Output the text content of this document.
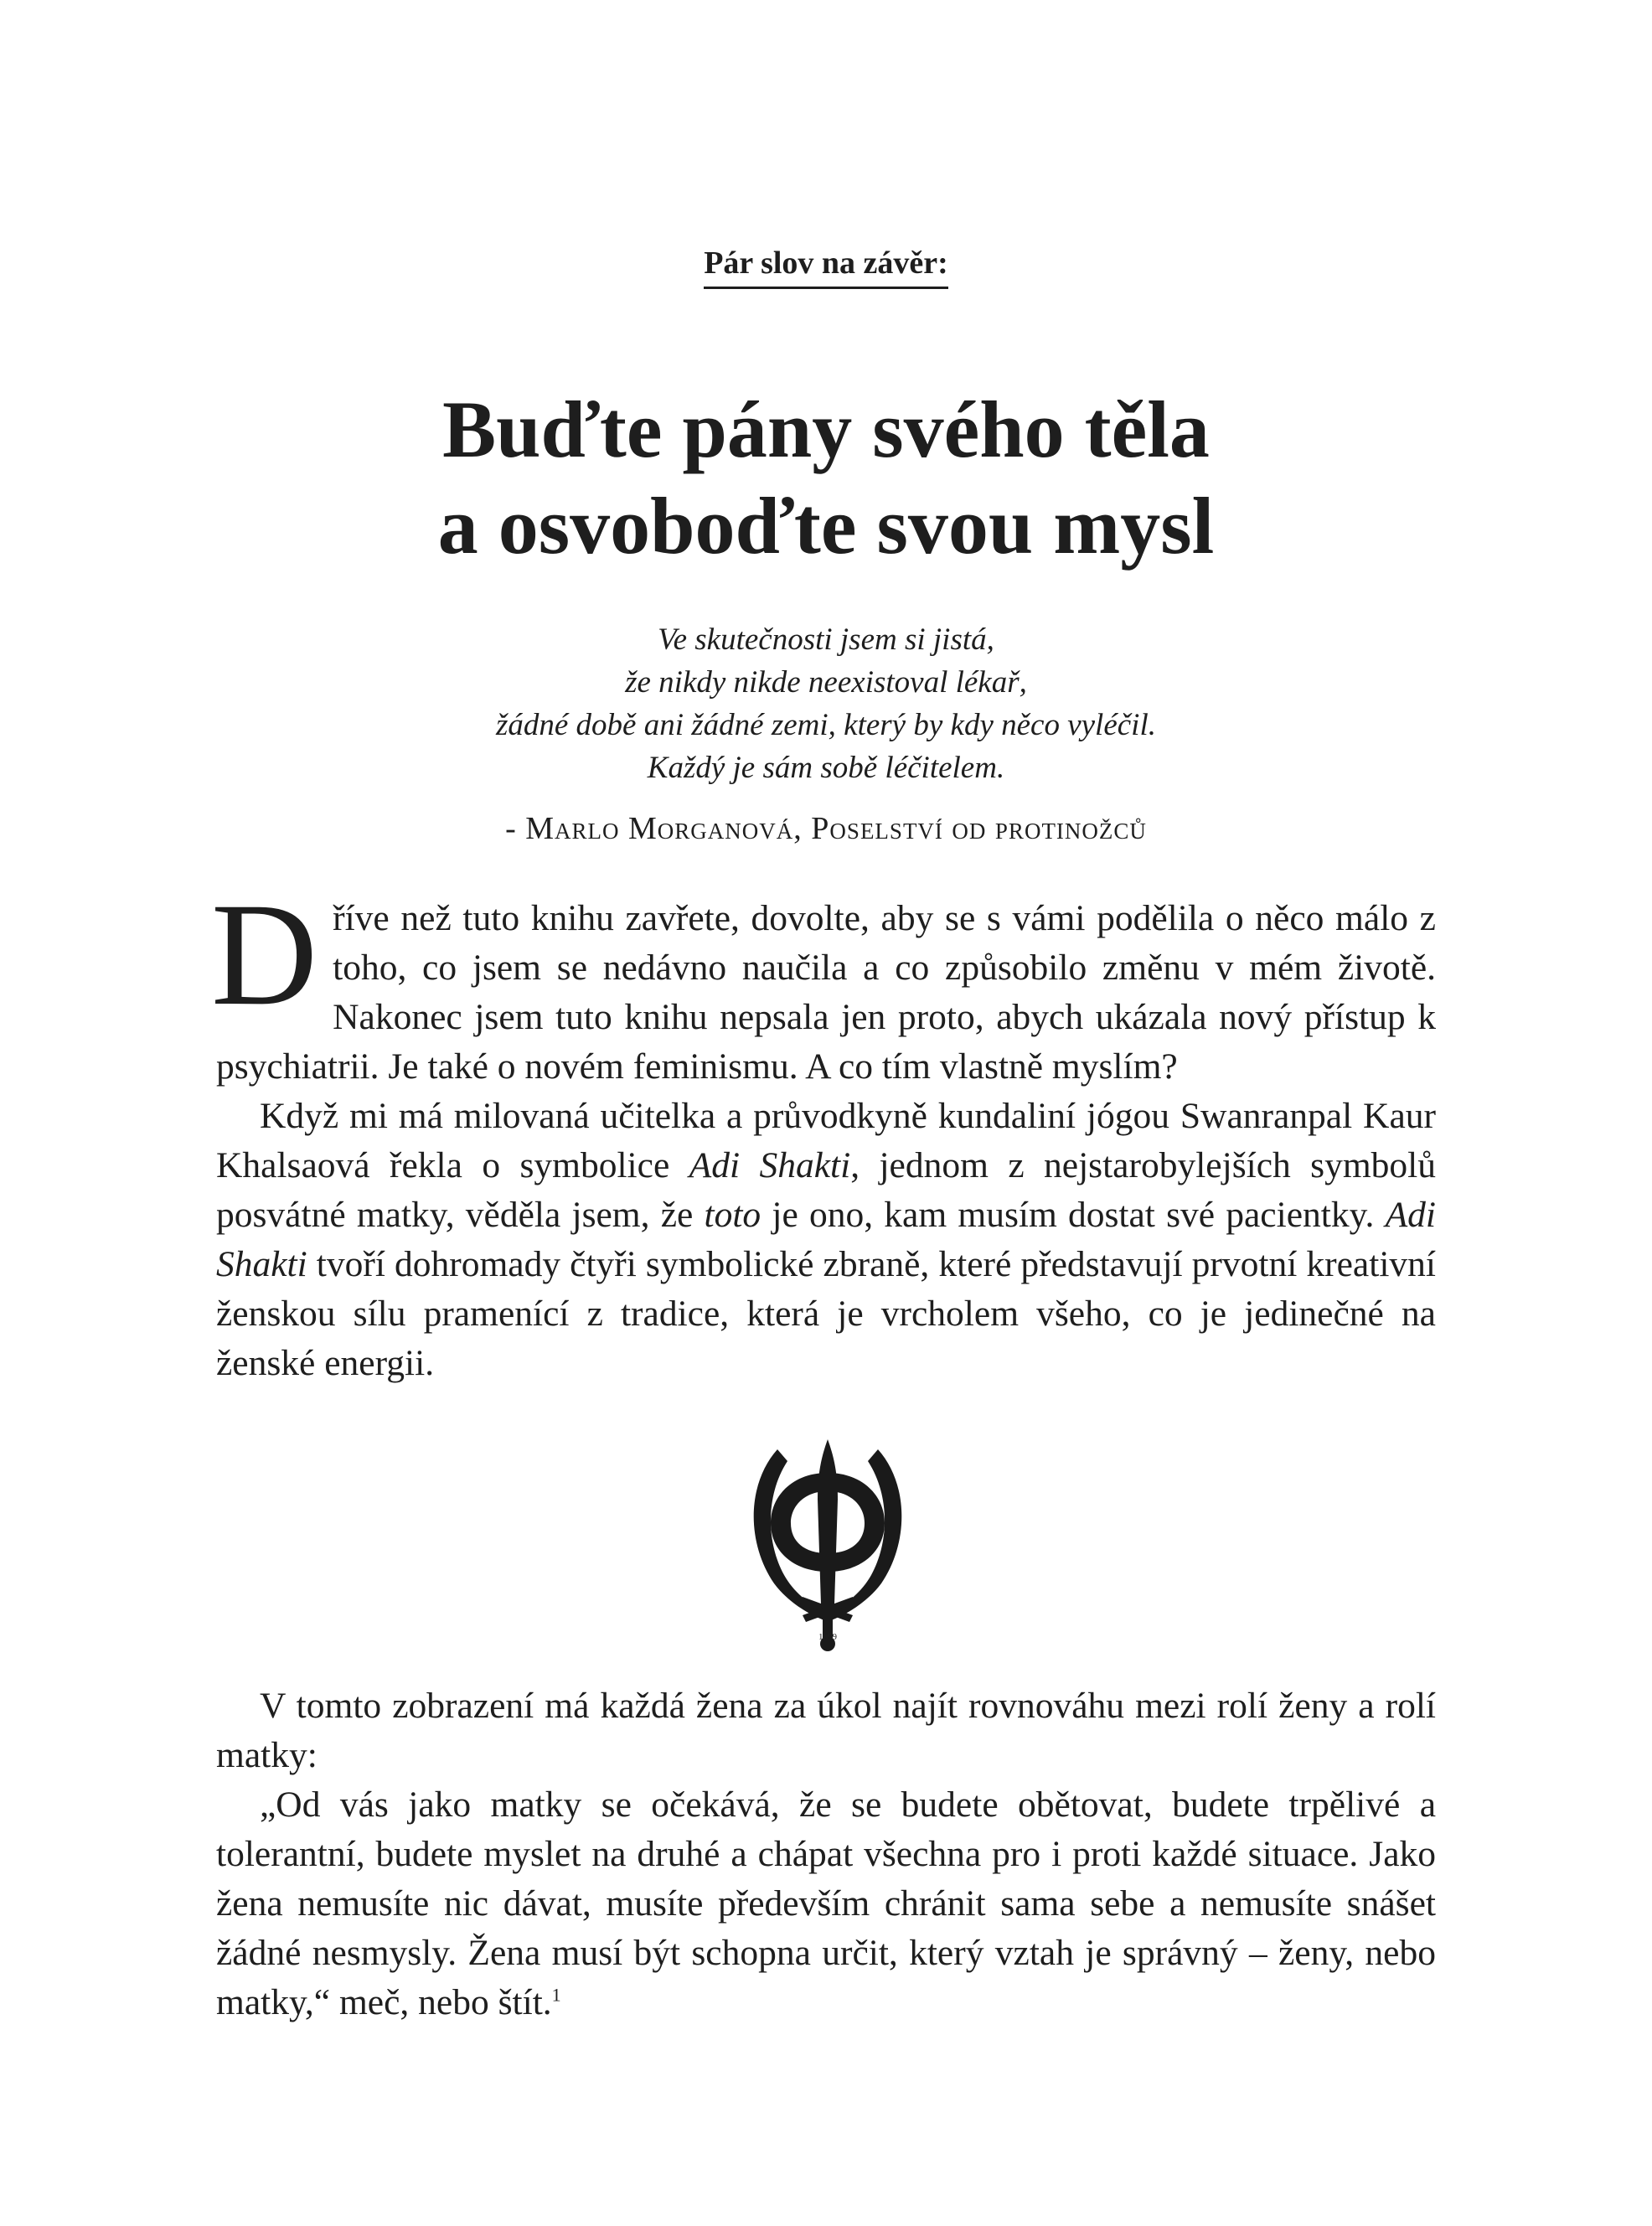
Pár slov na závěr:
Buďte pány svého těla
a osvoboďte svou mysl
Ve skutečnosti jsem si jistá,
že nikdy nikde neexistoval lékař,
žádné době ani žádné zemi, který by kdy něco vyléčil.
Každý je sám sobě léčitelem.
- Marlo Morganová, Poselství od protinožců

Dříve než tuto knihu zavřete, dovolte, aby se s vámi podělila o něco málo z toho, co jsem se nedávno naučila a co způsobilo změnu v mém životě. Nakonec jsem tuto knihu nepsala jen proto, abych ukázala nový přístup k psychiatrii. Je také o novém feminismu. A co tím vlastně myslím?

Když mi má milovaná učitelka a průvodkyně kundaliní jógou Swanranpal Kaur Khalsaová řekla o symbolice Adi Shakti, jednom z nejstarobylejších symbolů posvátné matky, věděla jsem, že toto je ono, kam musím dostat své pacientky. Adi Shakti tvoří dohromady čtyři symbolické zbraně, které představují prvotní kreativní ženskou sílu pramenící z tradice, která je vrcholem všeho, co je jedinečné na ženské energii.

1699

V tomto zobrazení má každá žena za úkol najít rovnováhu mezi rolí ženy a rolí matky:

„Od vás jako matky se očekává, že se budete obětovat, budete trpělivé a tolerantní, budete myslet na druhé a chápat všechna pro i proti každé situace. Jako žena nemusíte nic dávat, musíte především chránit sama sebe a nemusíte snášet žádné nesmysly. Žena musí být schopna určit, který vztah je správný – ženy, nebo matky,“ meč, nebo štít.$^1$
